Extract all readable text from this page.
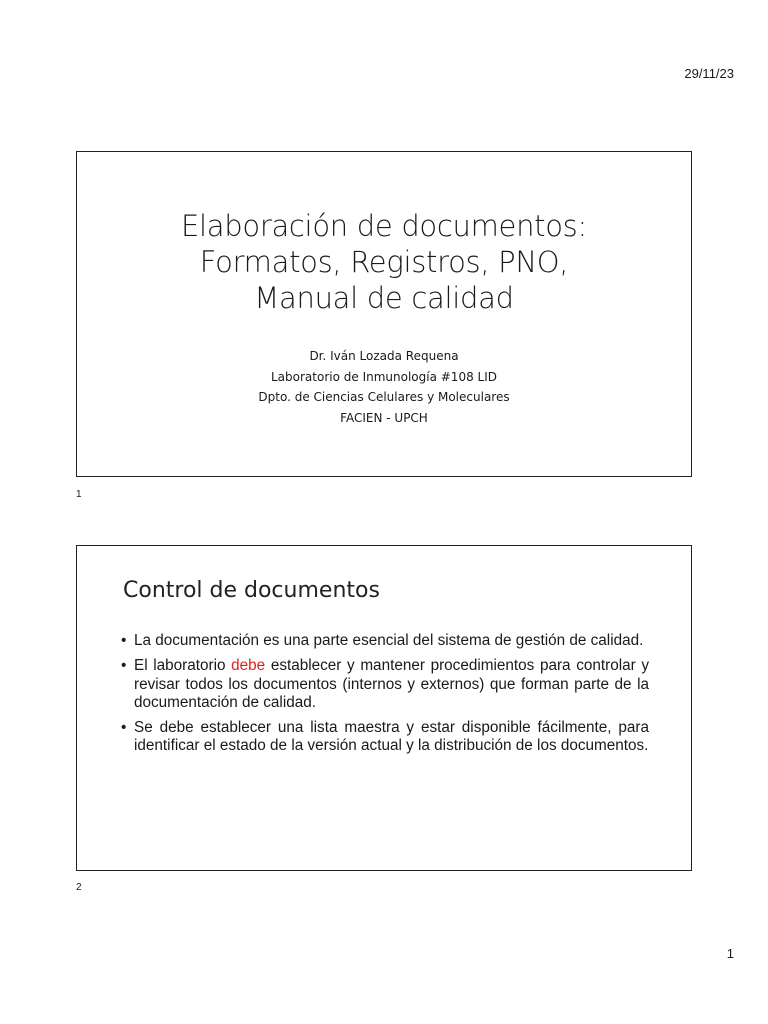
29/11/23
Elaboración de documentos:
Formatos, Registros, PNO,
Manual de calidad
Dr. Iván Lozada Requena
Laboratorio de Inmunología #108 LID
Dpto. de Ciencias Celulares y Moleculares
FACIEN - UPCH
1
Control de documentos
• La documentación es una parte esencial del sistema de gestión de calidad.
• El laboratorio debe establecer y mantener procedimientos para controlar y revisar todos los documentos (internos y externos) que forman parte de la documentación de calidad.
• Se debe establecer una lista maestra y estar disponible fácilmente, para identificar el estado de la versión actual y la distribución de los documentos.
2
1
